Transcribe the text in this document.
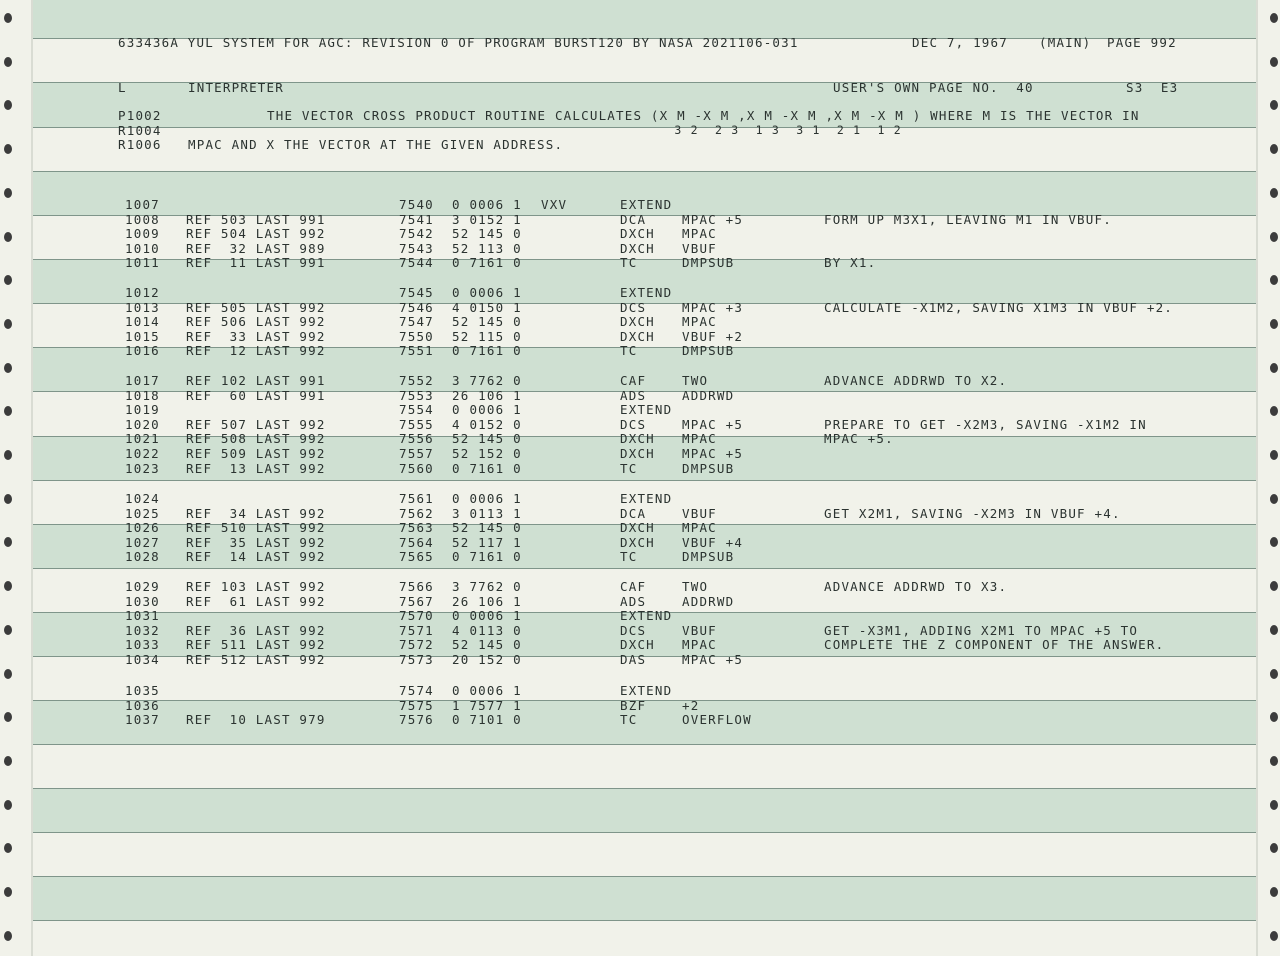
633436A YUL SYSTEM FOR AGC: REVISION 0 OF PROGRAM BURST120 BY NASA 2021106-031	DEC 7, 1967 (MAIN) PAGE 992
L	INTERPRETER	USER'S OWN PAGE NO.  40	S3  E3
P1002	THE VECTOR CROSS PRODUCT ROUTINE CALCULATES (X M -X M ,X M -X M ,X M -X M ) WHERE M IS THE VECTOR IN
R1004 3 2  2 3  1 3  3 1  2 1  1 2
R1006 MPAC AND X THE VECTOR AT THE GIVEN ADDRESS.
1007	7540 0 0006 1 VXV	EXTEND
1008 REF 503 LAST 991	7541 3 0152 1	DCA	MPAC +5	FORM UP M3X1, LEAVING M1 IN VBUF.
1009 REF 504 LAST 992	7542 52 145 0	DXCH MPAC
1010 REF  32 LAST 989	7543 52 113 0	DXCH VBUF
1011 REF  11 LAST 991	7544 0 7161 0	TC	DMPSUB	BY X1.
1012	7545 0 0006 1	EXTEND
1013 REF 505 LAST 992	7546 4 0150 1	DCS	MPAC +3	CALCULATE -X1M2, SAVING X1M3 IN VBUF +2.
1014 REF 506 LAST 992	7547 52 145 0	DXCH MPAC
1015 REF  33 LAST 992	7550 52 115 0	DXCH VBUF +2
1016 REF  12 LAST 992	7551 0 7161 0	TC	DMPSUB
1017 REF 102 LAST 991	7552 3 7762 0	CAF	TWO	ADVANCE ADDRWD TO X2.
1018 REF  60 LAST 991	7553 26 106 1	ADS	ADDRWD
1019	7554 0 0006 1	EXTEND
1020 REF 507 LAST 992	7555 4 0152 0	DCS	MPAC +5	PREPARE TO GET -X2M3, SAVING -X1M2 IN
1021 REF 508 LAST 992	7556 52 145 0	DXCH MPAC	MPAC +5.
1022 REF 509 LAST 992	7557 52 152 0	DXCH MPAC +5
1023 REF  13 LAST 992	7560 0 7161 0	TC	DMPSUB
1024	7561 0 0006 1	EXTEND
1025 REF  34 LAST 992	7562 3 0113 1	DCA	VBUF	GET X2M1, SAVING -X2M3 IN VBUF +4.
1026 REF 510 LAST 992	7563 52 145 0	DXCH MPAC
1027 REF  35 LAST 992	7564 52 117 1	DXCH VBUF +4
1028 REF  14 LAST 992	7565 0 7161 0	TC	DMPSUB
1029 REF 103 LAST 992	7566 3 7762 0	CAF	TWO	ADVANCE ADDRWD TO X3.
1030 REF  61 LAST 992	7567 26 106 1	ADS	ADDRWD
1031	7570 0 0006 1	EXTEND
1032 REF  36 LAST 992	7571 4 0113 0	DCS	VBUF	GET -X3M1, ADDING X2M1 TO MPAC +5 TO
1033 REF 511 LAST 992	7572 52 145 0	DXCH MPAC	COMPLETE THE Z COMPONENT OF THE ANSWER.
1034 REF 512 LAST 992	7573 20 152 0	DAS	MPAC +5
1035	7574 0 0006 1	EXTEND
1036	7575 1 7577 1	BZF	+2
1037 REF  10 LAST 979	7576 0 7101 0	TC	OVERFLOW
